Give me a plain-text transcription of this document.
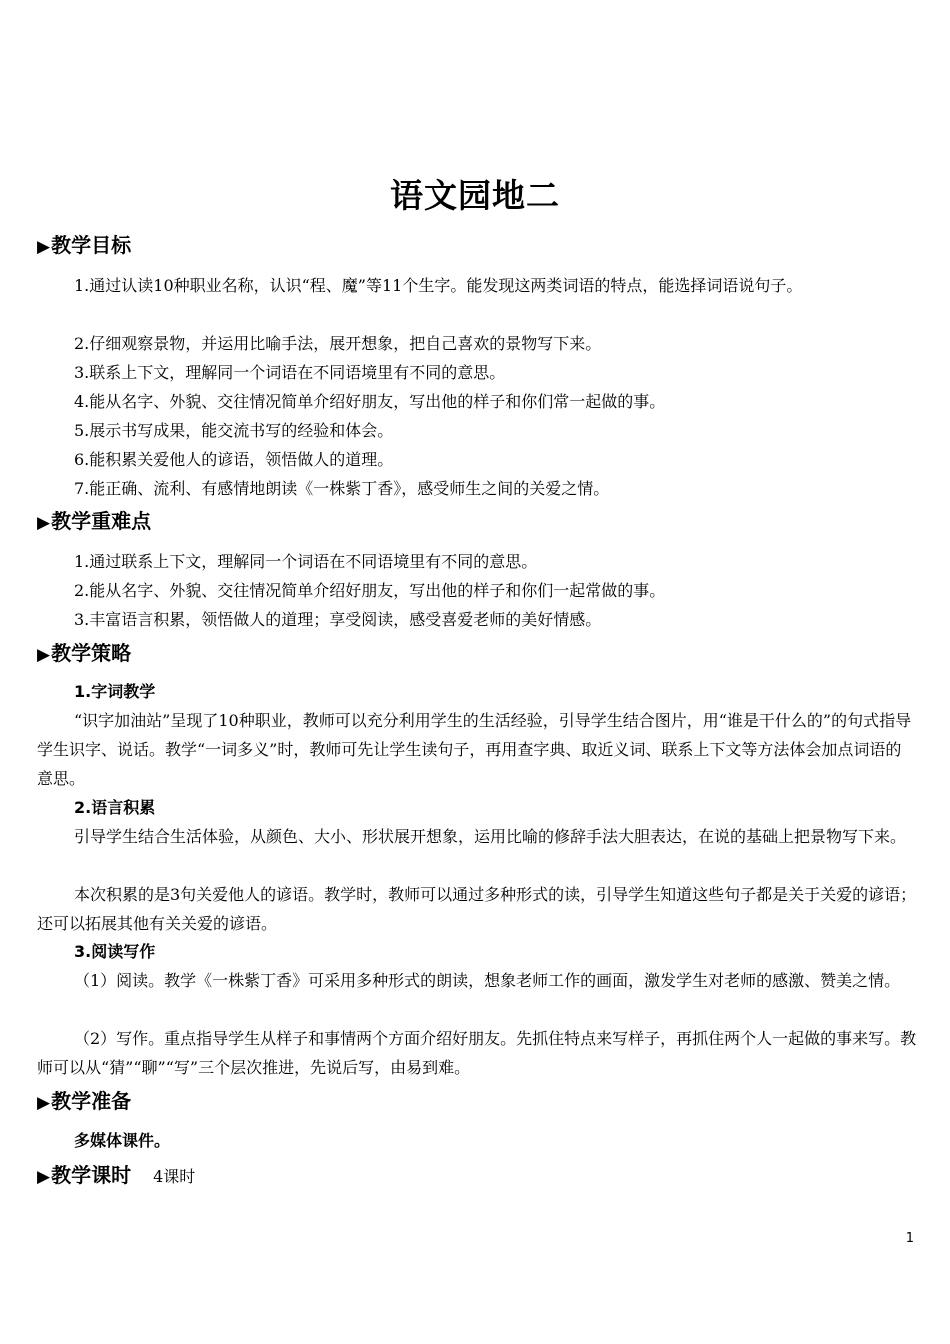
语文园地二
▶教学目标
1.通过认读10种职业名称，认识“程、魔”等11个生字。能发现这两类词语的特点，能选择词语说句子。
2.仔细观察景物，并运用比喻手法，展开想象，把自己喜欢的景物写下来。
3.联系上下文，理解同一个词语在不同语境里有不同的意思。
4.能从名字、外貌、交往情况简单介绍好朋友，写出他的样子和你们常一起做的事。
5.展示书写成果，能交流书写的经验和体会。
6.能积累关爱他人的谚语，领悟做人的道理。
7.能正确、流利、有感情地朗读《一株紫丁香》，感受师生之间的关爱之情。
▶教学重难点
1.通过联系上下文，理解同一个词语在不同语境里有不同的意思。
2.能从名字、外貌、交往情况简单介绍好朋友，写出他的样子和你们一起常做的事。
3.丰富语言积累，领悟做人的道理；享受阅读，感受喜爱老师的美好情感。
▶教学策略
1.字词教学
“识字加油站”呈现了10种职业，教师可以充分利用学生的生活经验，引导学生结合图片，用“谁是干什么的”的句式指导学生识字、说话。教学“一词多义”时，教师可先让学生读句子，再用查字典、取近义词、联系上下文等方法体会加点词语的意思。
2.语言积累
引导学生结合生活体验，从颜色、大小、形状展开想象，运用比喻的修辞手法大胆表达，在说的基础上把景物写下来。
本次积累的是3句关爱他人的谚语。教学时，教师可以通过多种形式的读，引导学生知道这些句子都是关于关爱的谚语；还可以拓展其他有关关爱的谚语。
3.阅读写作
（1）阅读。教学《一株紫丁香》可采用多种形式的朗读，想象老师工作的画面，激发学生对老师的感激、赞美之情。
（2）写作。重点指导学生从样子和事情两个方面介绍好朋友。先抓住特点来写样子，再抓住两个人一起做的事来写。教师可以从“猜”“聊”“写”三个层次推进，先说后写，由易到难。
▶教学准备
多媒体课件。
▶教学课时 4课时
1
